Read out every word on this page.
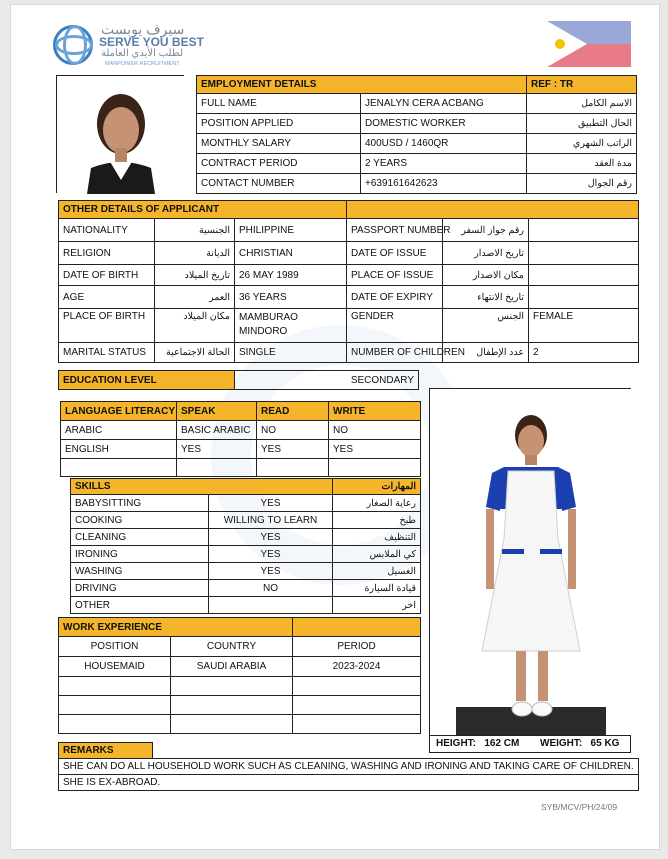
سيرف يوبست
SERVE YOU BEST
لطلب الأيدي العاملة
MANPOWER RECRUITMENT
EMPLOYMENT DETAILS		REF : TR
FULL NAME	JENALYN CERA ACBANG	الاسم الكامل
POSITION APPLIED	DOMESTIC WORKER	الحال التطبيق
MONTHLY SALARY	400USD / 1460QR	الراتب الشهري
CONTRACT PERIOD	2 YEARS	مدة العقد
CONTACT NUMBER	+639161642623	رقم الجوال
OTHER DETAILS OF APPLICANT					
NATIONALITY	الجنسية	PHILIPPINE	PASSPORT NUMBER	رقم جواز السفر	
RELIGION	الديانة	CHRISTIAN	DATE OF ISSUE	تاريخ الاصدار	
DATE OF BIRTH	تاريخ الميلاد	26 MAY 1989	PLACE OF ISSUE	مكان الاصدار	
AGE	العمر	36 YEARS	DATE OF EXPIRY	تاريخ الانتهاء	
PLACE OF BIRTH	مكان الميلاد	MAMBURAO MINDORO	GENDER	الجنس	FEMALE
MARITAL STATUS	الحالة الاجتماعية	SINGLE	NUMBER OF CHILDREN	عدد الإطفال	2
EDUCATION LEVEL	SECONDARY
LANGUAGE LITERACY	SPEAK	READ	WRITE
ARABIC	BASIC ARABIC	NO	NO
ENGLISH	YES	YES	YES

SKILLS		المهارات
BABYSITTING	YES	رعاية الصغار
COOKING	WILLING TO LEARN	طبخ
CLEANING	YES	التنظيف
IRONING	YES	كي الملابس
WASHING	YES	الغسيل
DRIVING	NO	قيادة السيارة
OTHER		اخر
WORK EXPERIENCE		
POSITION	COUNTRY	PERIOD
HOUSEMAID	SAUDI ARABIA	2023-2024

HEIGHT:   162 CM WEIGHT:   65 KG
REMARKS	
SHE CAN DO ALL HOUSEHOLD WORK SUCH AS CLEANING, WASHING AND IRONING AND TAKING CARE OF CHILDREN.
SHE IS EX-ABROAD.
SYB/MCV/PH/24/09
